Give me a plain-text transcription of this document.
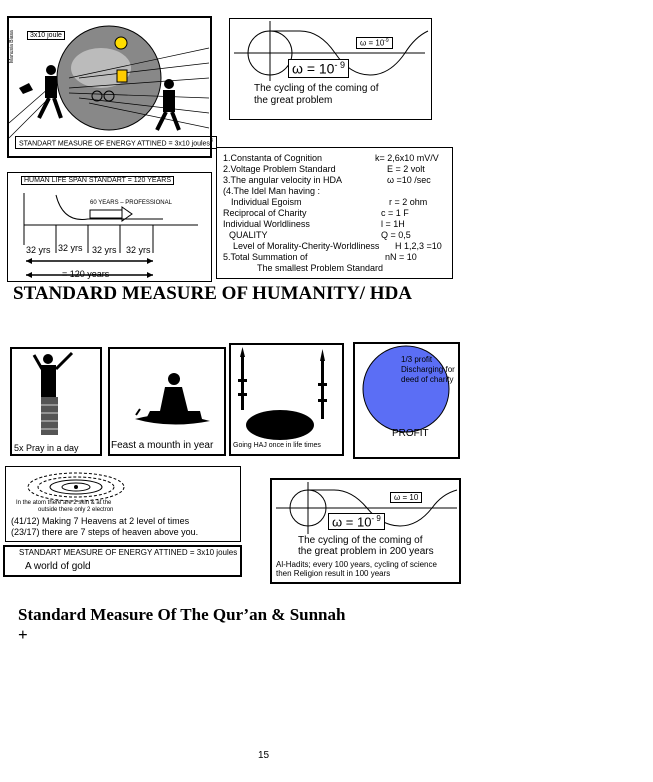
3x10 joule
Manusia Biasa
STANDART MEASURE OF ENERGY ATTINED = 3x10 joules$^8$
$\omega = 10^{-9}$
$\omega = 10^{- 9}$
The cycling of the coming of
the great problem
HUMAN LIFE SPAN STANDART = 120 YEARS
60 YEARS – PROFESSIONAL
32 yrs 32 yrs 32 yrs 32 yrs
= 120 years
1.Constanta of Cognition	k= 2,6x10 mV/V
2.Voltage Problem Standard	E = 2 volt
3.The angular velocity in HDA	ω =10 /sec
(4.The Idel Man having :
Individual Egoism	r = 2 ohm
Reciprocal of Charity	c = 1 F
Individual Worldliness	l = 1H
QUALITY	Q = 0,5
Level of Morality-Cherity-Worldliness H 1,2,3 =10
5.Total Summation of	nN = 10
The smallest Problem Standard
STANDARD MEASURE OF HUMANITY/ HDA
5x Pray in a day	Feast a mounth in year	Going HAJ once in life times
1/3 profit
Discharging for
deed of charity
PROFIT
In the atom there are 2 skin & at the
outside there only 2 electron
(41/12) Making 7 Heavens at 2 level of times
(23/17) there are 7 steps of heaven above you.
STANDART MEASURE OF ENERGY ATTINED = 3x10 joules
A world of gold
ω = 10
$\omega = 10^{- 9}$
The cycling of the coming of
the great problem in 200 years
Al-Hadits; every 100 years, cycling of science
then Religion result in 100 years
Standard Measure Of The Qur’an & Sunnah
+
15
